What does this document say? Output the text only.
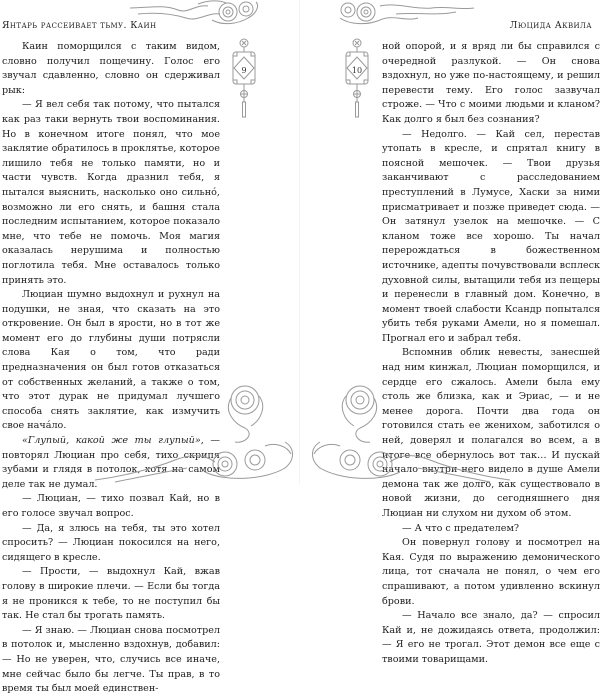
Янтарь рассеивает тьму. Каин
9

Каин поморщился с таким видом, словно получил пощечину. Голос его звучал сдавленно, словно он сдерживал рык:

— Я вел себя так потому, что пытался как раз таки вернуть твои воспоминания. Но в конечном итоге понял, что мое заклятие обратилось в проклятье, которое лишило тебя не только памяти, но и части чувств. Когда дразнил тебя, я пытался выяснить, насколько оно сильно́, возможно ли его снять, и башня стала последним испытанием, которое показало мне, что тебе не помочь. Моя магия оказалась нерушима и полностью поглотила тебя. Мне оставалось только принять это.

Люциан шумно выдохнул и рухнул на подушки, не зная, что сказать на это откровение. Он был в ярости, но в тот же момент его до глубины души потрясли слова Кая о том, что ради предназначения он был готов отказаться от собственных желаний, а также о том, что этот дурак не придумал лучшего способа снять заклятие, как измучить свое нача́ло.

«Глупый, какой же ты глупый», — повторял Люциан про себя, тихо скрипя зубами и глядя в потолок, хотя на самом деле так не думал.

— Люциан, — тихо позвал Кай, но в его голосе звучал вопрос.

— Да, я злюсь на тебя, ты это хотел спросить? — Люциан покосился на него, сидящего в кресле.

— Прости, — выдохнул Кай, вжав голову в широкие плечи. — Если бы тогда я не проникся к тебе, то не поступил бы так. Не стал бы трогать память.

— Я знаю. — Люциан снова посмотрел в потолок и, мысленно вздохнув, добавил: — Но не уверен, что, случись все иначе, мне сейчас было бы легче. Ты прав, в то время ты был моей единствен-

Люцида Аквила
10

ной опорой, и я вряд ли бы справился с очередной разлукой. — Он снова вздохнул, но уже по-настоящему, и решил перевести тему. Его голос зазвучал строже. — Что с моими людьми и кланом? Как долго я был без сознания?

— Недолго. — Кай сел, перестав утопать в кресле, и спрятал книгу в поясной мешочек. — Твои друзья заканчивают с расследованием преступлений в Лумусе, Хаски за ними присматривает и позже приведет сюда. — Он затянул узелок на мешочке. — С кланом тоже все хорошо. Ты начал перерождаться в божественном источнике, адепты почувствовали всплеск духовной силы, вытащили тебя из пещеры и перенесли в главный дом. Конечно, в момент твоей слабости Ксандр попытался убить тебя руками Амели, но я помешал. Прогнал его и забрал тебя.

Вспомнив облик невесты, занесшей над ним кинжал, Люциан поморщился, и сердце его сжалось. Амели была ему столь же близка, как и Эриас, — и не менее дорога. Почти два года он готовился стать ее женихом, заботился о ней, доверял и полагался во всем, а в итоге все обернулось вот так… И пускай начало внутри него видело в душе Амели демона так же долго, как существовало в новой жизни, до сегодняшнего дня Люциан ни слухом ни духом об этом.

— А что с предателем?

Он повернул голову и посмотрел на Кая. Судя по выражению демонического лица, тот сначала не понял, о чем его спрашивают, а потом удивленно вскинул брови.

— Начало все знало, да? — спросил Кай и, не дожидаясь ответа, продолжил: — Я его не трогал. Этот демон все еще с твоими товарищами.
